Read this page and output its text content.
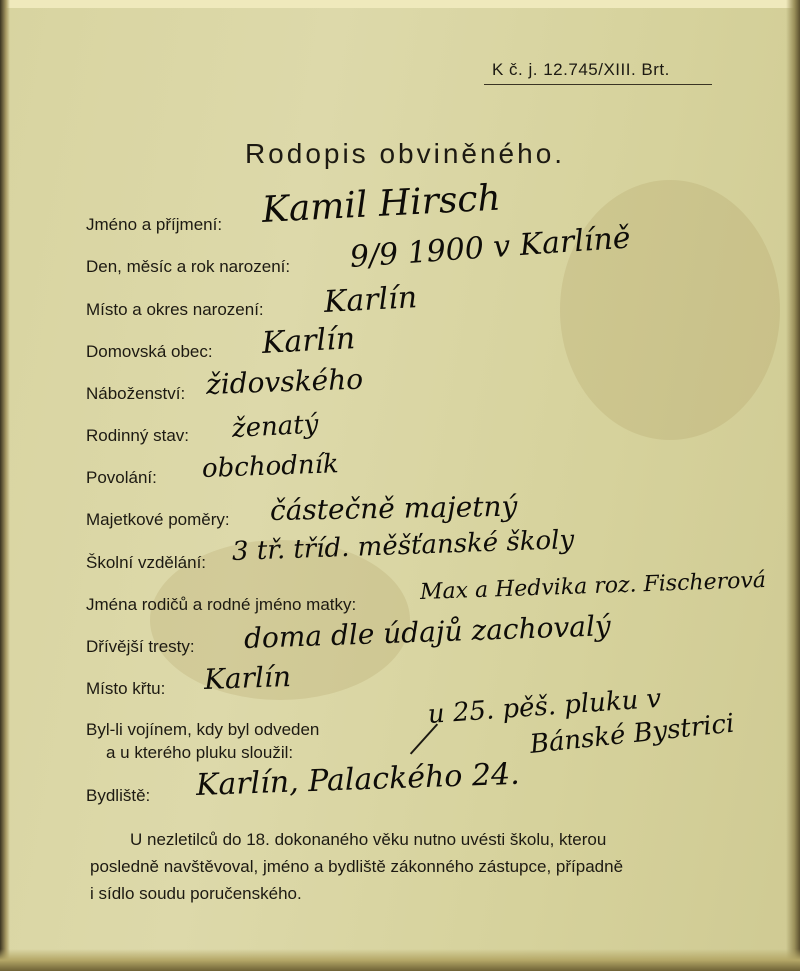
K č. j. 12.745/XIII. Brt.
Rodopis obviněného.
Jméno a příjmení: Kamil Hirsch
Den, měsíc a rok narození: 9/9 1900 v Karlíně
Místo a okres narození: Karlín
Domovská obec: Karlín
Náboženství: židovského
Rodinný stav: ženatý
Povolání: obchodník
Majetkové poměry: částečně majetný
Školní vzdělání: 3 tř. tříd. měšťanské školy
Jména rodičů a rodné jméno matky:	Max a Hedvika roz. Fischerová
Dřívější tresty: doma dle údajů zachovalý
Místo křtu: Karlín
Byl-li vojínem, kdy byl odveden
a u kterého pluku sloužil:
u 25. pěš. pluku v
Bánské Bystrici
Bydliště: Karlín, Palackého 24.
U nezletilců do 18. dokonaného věku nutno uvésti školu, kterou
posledně navštěvoval, jméno a bydliště zákonného zástupce, případně
i sídlo soudu poručenského.
